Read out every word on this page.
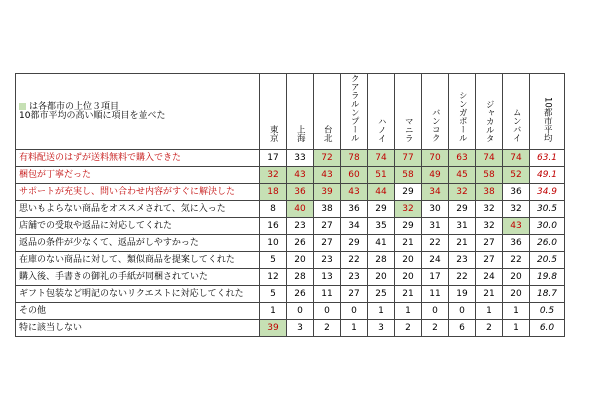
は各都市の上位３項目
10都市平均の高い順に項目を並べた	東京	上海	台北	クアラルンプール	ハノイ	マニラ	バンコク	シンガポール	ジャカルタ	ムンバイ	10都市平均
有料配送のはずが送料無料で購入できた	17	33	72	78	74	77	70	63	74	74	63.1
梱包が丁寧だった	32	43	43	60	51	58	49	45	58	52	49.1
サポートが充実し、問い合わせ内容がすぐに解決した	18	36	39	43	44	29	34	32	38	36	34.9
思いもよらない商品をオススメされて、気に入った	8	40	38	36	29	32	30	29	32	32	30.5
店舗での受取や返品に対応してくれた	16	23	27	34	35	29	31	31	32	43	30.0
返品の条件が少なくて、返品がしやすかった	10	26	27	29	41	21	22	21	27	36	26.0
在庫のない商品に対して、類似商品を提案してくれた	5	20	23	22	28	20	24	23	27	22	20.5
購入後、手書きの御礼の手紙が同梱されていた	12	28	13	23	20	20	17	22	24	20	19.8
ギフト包装など明記のないリクエストに対応してくれた	5	26	11	27	25	21	11	19	21	20	18.7
その他	1	0	0	0	1	1	0	0	1	1	0.5
特に該当しない	39	3	2	1	3	2	2	6	2	1	6.0
